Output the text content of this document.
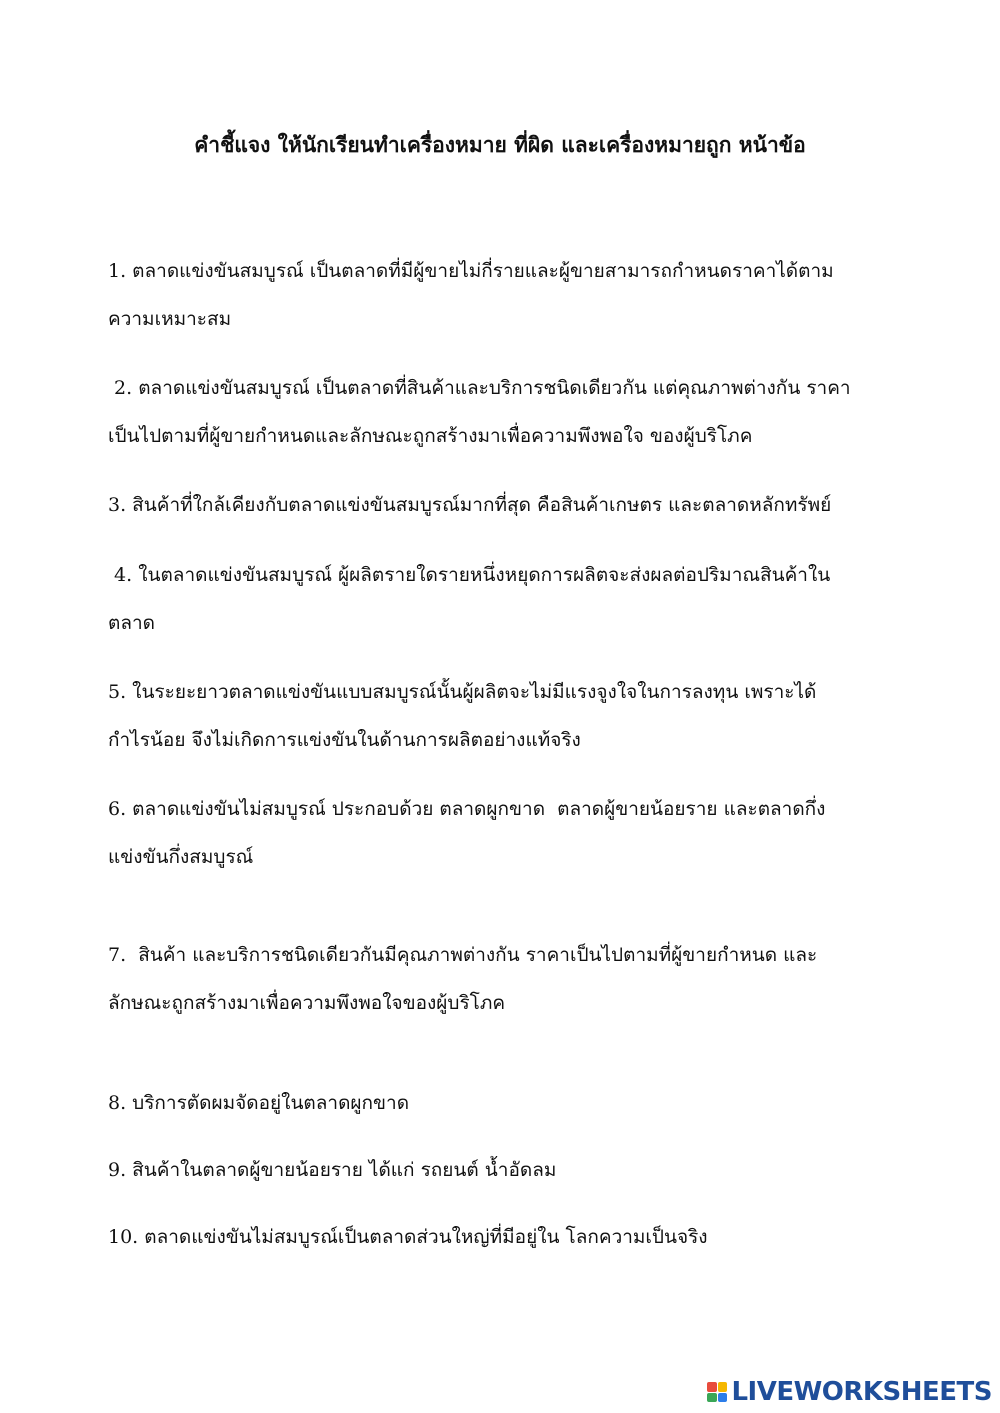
คำชี้แจง ให้นักเรียนทำเครื่องหมาย ที่ผิด และเครื่องหมายถูก หน้าข้อ
1. ตลาดแข่งขันสมบูรณ์ เป็นตลาดที่มีผู้ขายไม่กี่รายและผู้ขายสามารถกำหนดราคาได้ตาม
ความเหมาะสม
2. ตลาดแข่งขันสมบูรณ์ เป็นตลาดที่สินค้าและบริการชนิดเดียวกัน แต่คุณภาพต่างกัน ราคา
เป็นไปตามที่ผู้ขายกำหนดและลักษณะถูกสร้างมาเพื่อความพึงพอใจ ของผู้บริโภค
3. สินค้าที่ใกล้เคียงกับตลาดแข่งขันสมบูรณ์มากที่สุด คือสินค้าเกษตร และตลาดหลักทรัพย์
4. ในตลาดแข่งขันสมบูรณ์ ผู้ผลิตรายใดรายหนึ่งหยุดการผลิตจะส่งผลต่อปริมาณสินค้าใน
ตลาด
5. ในระยะยาวตลาดแข่งขันแบบสมบูรณ์นั้นผู้ผลิตจะไม่มีแรงจูงใจในการลงทุน เพราะได้
กำไรน้อย จึงไม่เกิดการแข่งขันในด้านการผลิตอย่างแท้จริง
6. ตลาดแข่งขันไม่สมบูรณ์ ประกอบด้วย ตลาดผูกขาด  ตลาดผู้ขายน้อยราย และตลาดกึ่ง
แข่งขันกึ่งสมบูรณ์
7.  สินค้า และบริการชนิดเดียวกันมีคุณภาพต่างกัน ราคาเป็นไปตามที่ผู้ขายกำหนด และ
ลักษณะถูกสร้างมาเพื่อความพึงพอใจของผู้บริโภค
8. บริการตัดผมจัดอยู่ในตลาดผูกขาด
9. สินค้าในตลาดผู้ขายน้อยราย ได้แก่ รถยนต์ น้ำอัดลม
10. ตลาดแข่งขันไม่สมบูรณ์เป็นตลาดส่วนใหญ่ที่มีอยู่ใน โลกความเป็นจริง
LIVEWORKSHEETS
